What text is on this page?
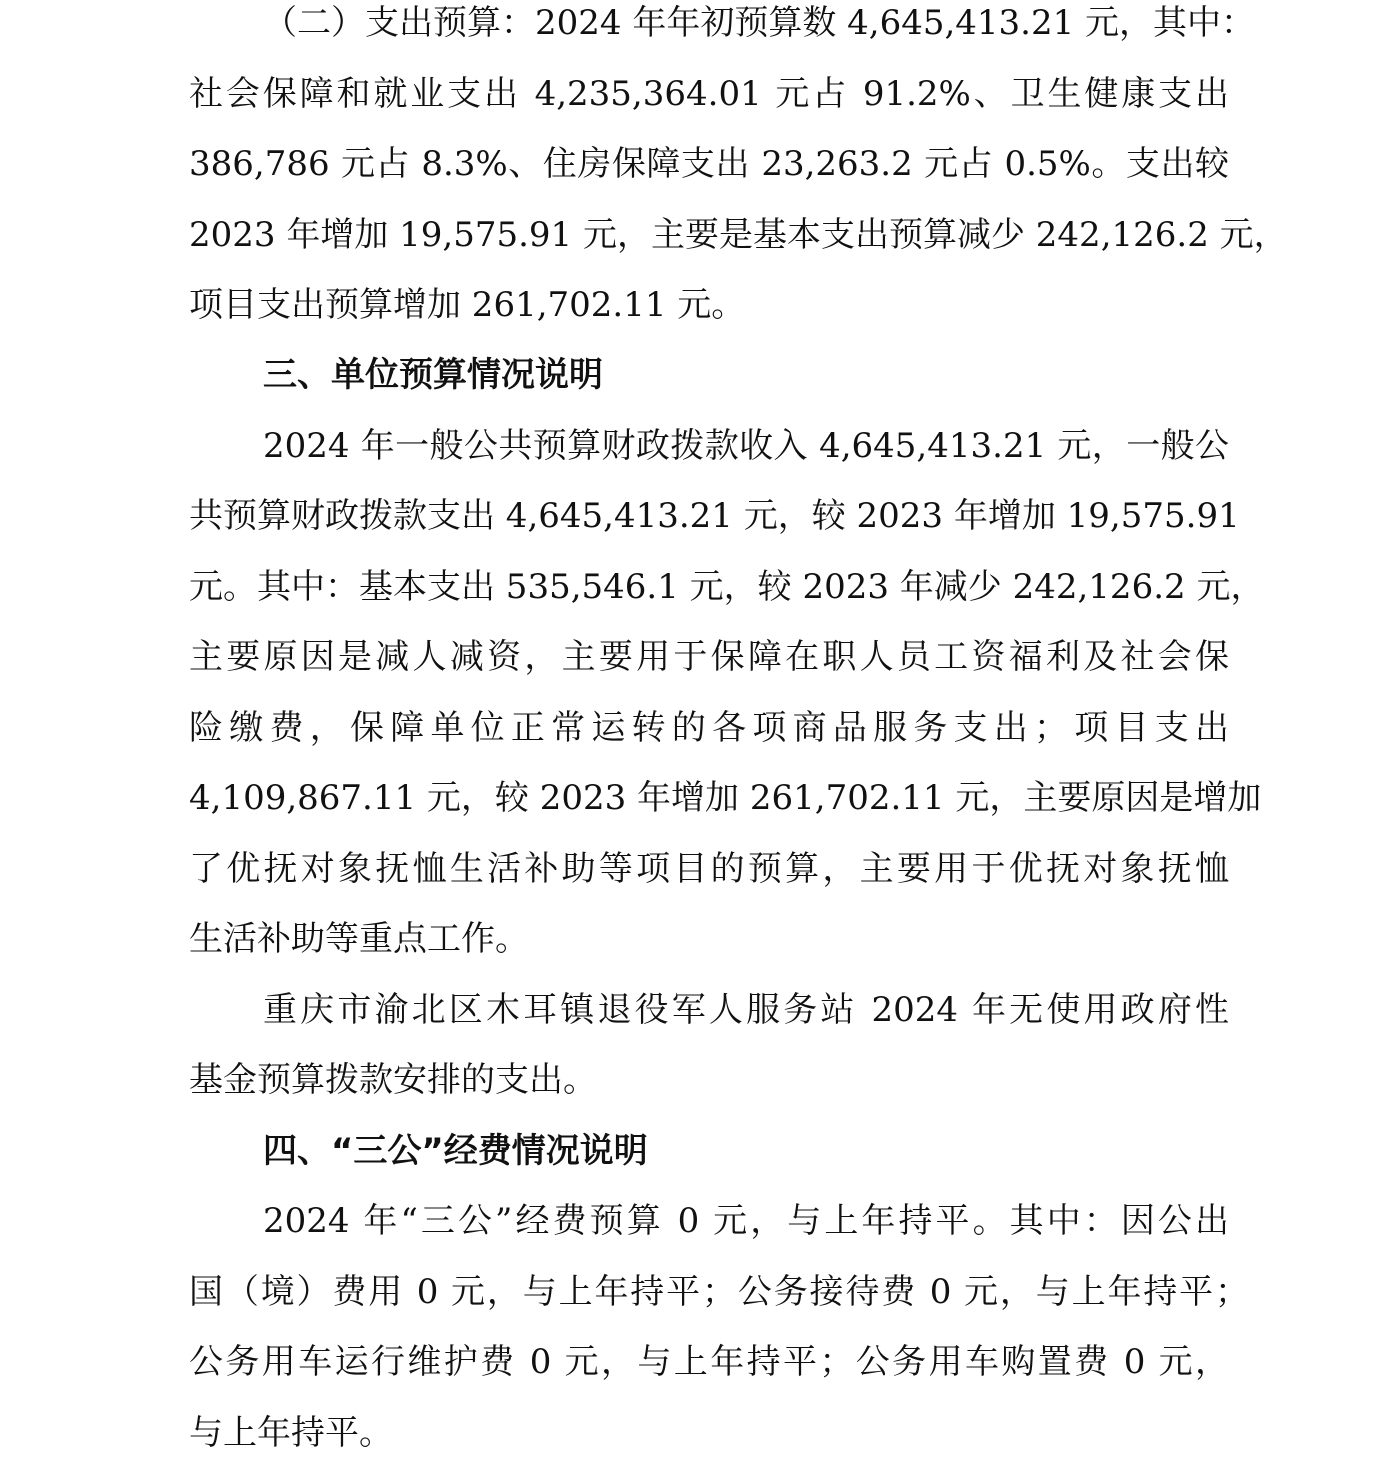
（二）支出预算：2024 年年初预算数 4,645,413.21 元，其中：
社会保障和就业支出 4,235,364.01 元占 91.2%、卫生健康支出
386,786 元占 8.3%、住房保障支出 23,263.2 元占 0.5%。支出较
2023 年增加 19,575.91 元，主要是基本支出预算减少 242,126.2 元，
项目支出预算增加 261,702.11 元。
三、单位预算情况说明
2024 年一般公共预算财政拨款收入 4,645,413.21 元，一般公
共预算财政拨款支出 4,645,413.21 元，较 2023 年增加 19,575.91
元。其中：基本支出 535,546.1 元，较 2023 年减少 242,126.2 元，
主要原因是减人减资，主要用于保障在职人员工资福利及社会保
险缴费，保障单位正常运转的各项商品服务支出；项目支出
4,109,867.11 元，较 2023 年增加 261,702.11 元，主要原因是增加
了优抚对象抚恤生活补助等项目的预算，主要用于优抚对象抚恤
生活补助等重点工作。
重庆市渝北区木耳镇退役军人服务站 2024 年无使用政府性
基金预算拨款安排的支出。
四、“三公”经费情况说明
2024 年“三公”经费预算 0 元，与上年持平。其中：因公出
国（境）费用 0 元，与上年持平；公务接待费 0 元，与上年持平；
公务用车运行维护费 0 元，与上年持平；公务用车购置费 0 元，
与上年持平。
